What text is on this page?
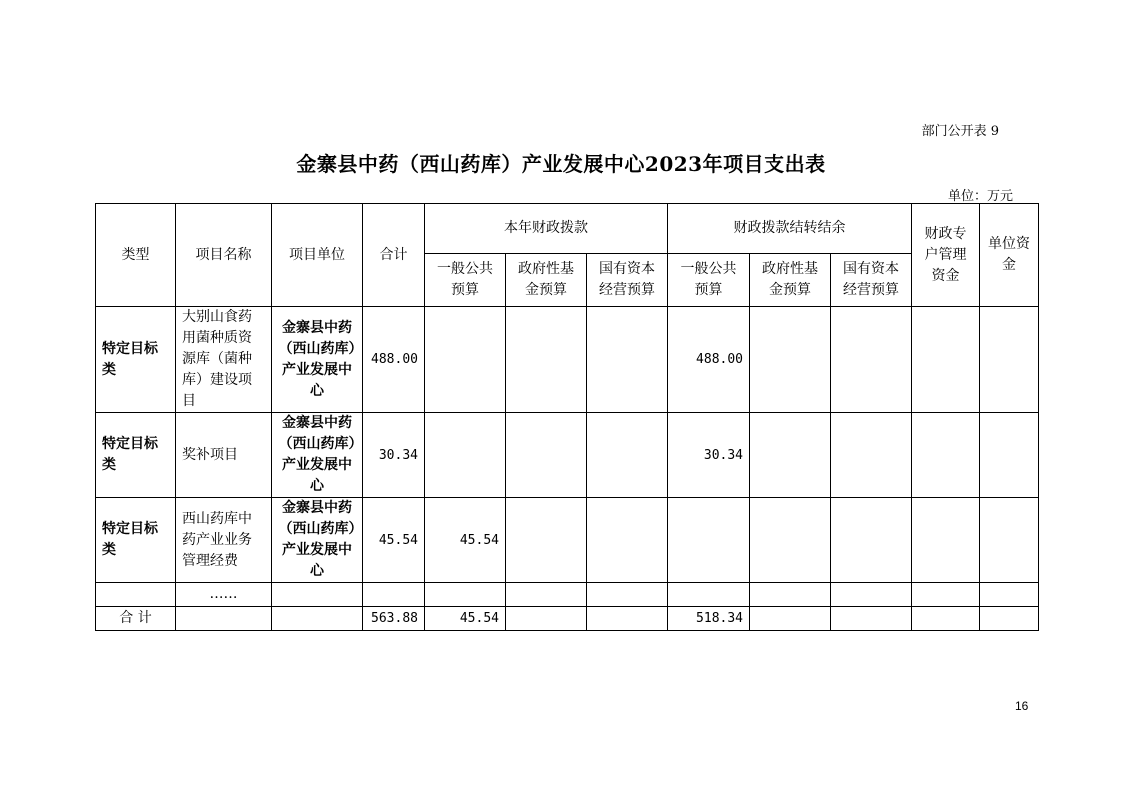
部门公开表 9
金寨县中药（西山药库）产业发展中心2023年项目支出表
单位：万元
类型	项目名称	项目单位	合计	本年财政拨款			财政拨款结转结余			财政专户管理资金	单位资金
				一般公共预算	政府性基金预算	国有资本经营预算	一般公共预算	政府性基金预算	国有资本经营预算		
特定目标类	大别山食药用菌种质资源库（菌种库）建设项目	金寨县中药（西山药库）产业发展中心	488.00				488.00				
特定目标类	奖补项目	金寨县中药（西山药库）产业发展中心	30.34				30.34				
特定目标类	西山药库中药产业业务管理经费	金寨县中药（西山药库）产业发展中心	45.54	45.54							
	……										
合 计			563.88	45.54			518.34				
16
